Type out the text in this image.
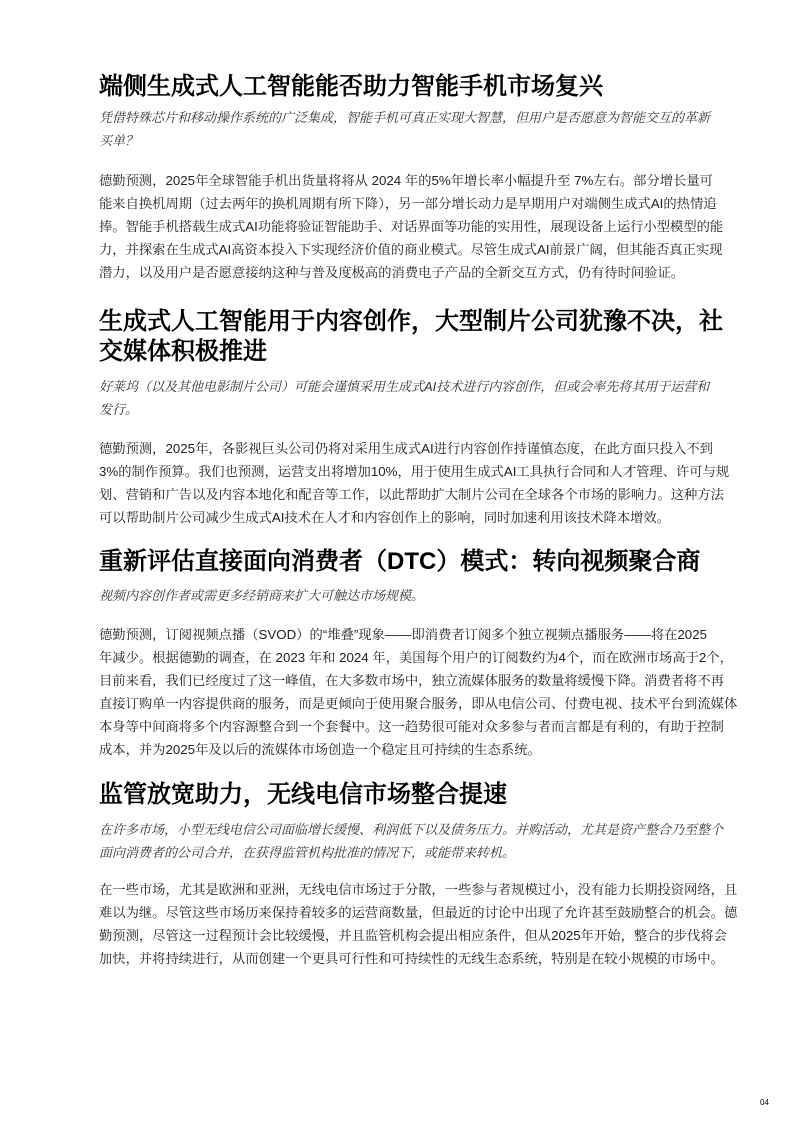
端侧生成式人工智能能否助力智能手机市场复兴
凭借特殊芯片和移动操作系统的广泛集成，智能手机可真正实现大智慧，但用户是否愿意为智能交互的革新
买单？
德勤预测，2025年全球智能手机出货量将将从 2024 年的5%年增长率小幅提升至 7%左右。部分增长量可
能来自换机周期（过去两年的换机周期有所下降），另一部分增长动力是早期用户对端侧生成式AI的热情追
捧。智能手机搭载生成式AI功能将验证智能助手、对话界面等功能的实用性，展现设备上运行小型模型的能
力，并探索在生成式AI高资本投入下实现经济价值的商业模式。尽管生成式AI前景广阔，但其能否真正实现
潜力，以及用户是否愿意接纳这种与普及度极高的消费电子产品的全新交互方式，仍有待时间验证。
生成式人工智能用于内容创作，大型制片公司犹豫不决，社
交媒体积极推进
好莱坞（以及其他电影制片公司）可能会谨慎采用生成式AI技术进行内容创作，但或会率先将其用于运营和
发行。
德勤预测，2025年，各影视巨头公司仍将对采用生成式AI进行内容创作持谨慎态度，在此方面只投入不到
3%的制作预算。我们也预测，运营支出将增加10%，用于使用生成式AI工具执行合同和人才管理、许可与规
划、营销和广告以及内容本地化和配音等工作，以此帮助扩大制片公司在全球各个市场的影响力。这种方法
可以帮助制片公司减少生成式AI技术在人才和内容创作上的影响，同时加速利用该技术降本增效。
重新评估直接面向消费者（DTC）模式：转向视频聚合商
视频内容创作者或需更多经销商来扩大可触达市场规模。
德勤预测，订阅视频点播（SVOD）的“堆叠”现象——即消费者订阅多个独立视频点播服务——将在2025
年减少。根据德勤的调查，在 2023 年和 2024 年，美国每个用户的订阅数约为4个，而在欧洲市场高于2个，
目前来看，我们已经度过了这一峰值，在大多数市场中，独立流媒体服务的数量将缓慢下降。消费者将不再
直接订购单一内容提供商的服务，而是更倾向于使用聚合服务，即从电信公司、付费电视、技术平台到流媒体
本身等中间商将多个内容源整合到一个套餐中。这一趋势很可能对众多参与者而言都是有利的，有助于控制
成本，并为2025年及以后的流媒体市场创造一个稳定且可持续的生态系统。
监管放宽助力，无线电信市场整合提速
在许多市场，小型无线电信公司面临增长缓慢、利润低下以及债务压力。并购活动，尤其是资产整合乃至整个
面向消费者的公司合并，在获得监管机构批准的情况下，或能带来转机。
在一些市场，尤其是欧洲和亚洲，无线电信市场过于分散，一些参与者规模过小，没有能力长期投资网络，且
难以为继。尽管这些市场历来保持着较多的运营商数量，但最近的讨论中出现了允许甚至鼓励整合的机会。德
勤预测，尽管这一过程预计会比较缓慢，并且监管机构会提出相应条件，但从2025年开始，整合的步伐将会
加快，并将持续进行，从而创建一个更具可行性和可持续性的无线生态系统，特别是在较小规模的市场中。
04
